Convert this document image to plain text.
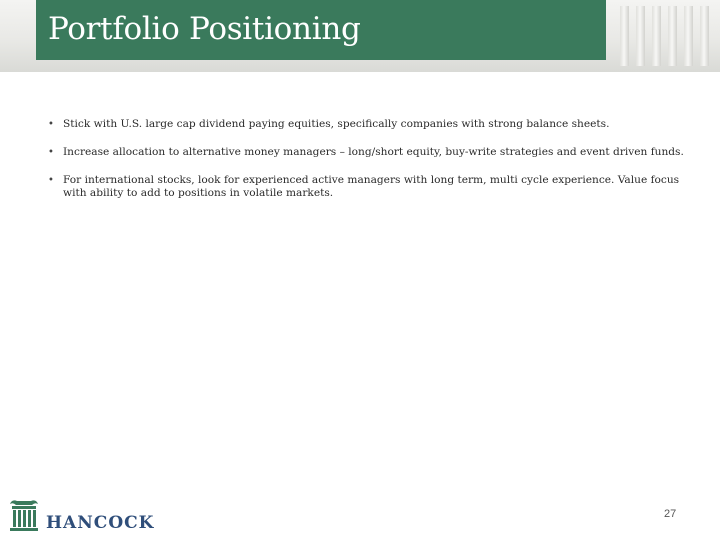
Portfolio Positioning
• Stick with U.S. large cap dividend paying equities, specifically companies with strong balance sheets.
• Increase allocation to alternative money managers – long/short equity, buy-write strategies and event driven funds.
• For international stocks, look for experienced active managers with long term, multi cycle experience. Value focus with ability to add to positions in volatile markets.
HANCOCK	27
